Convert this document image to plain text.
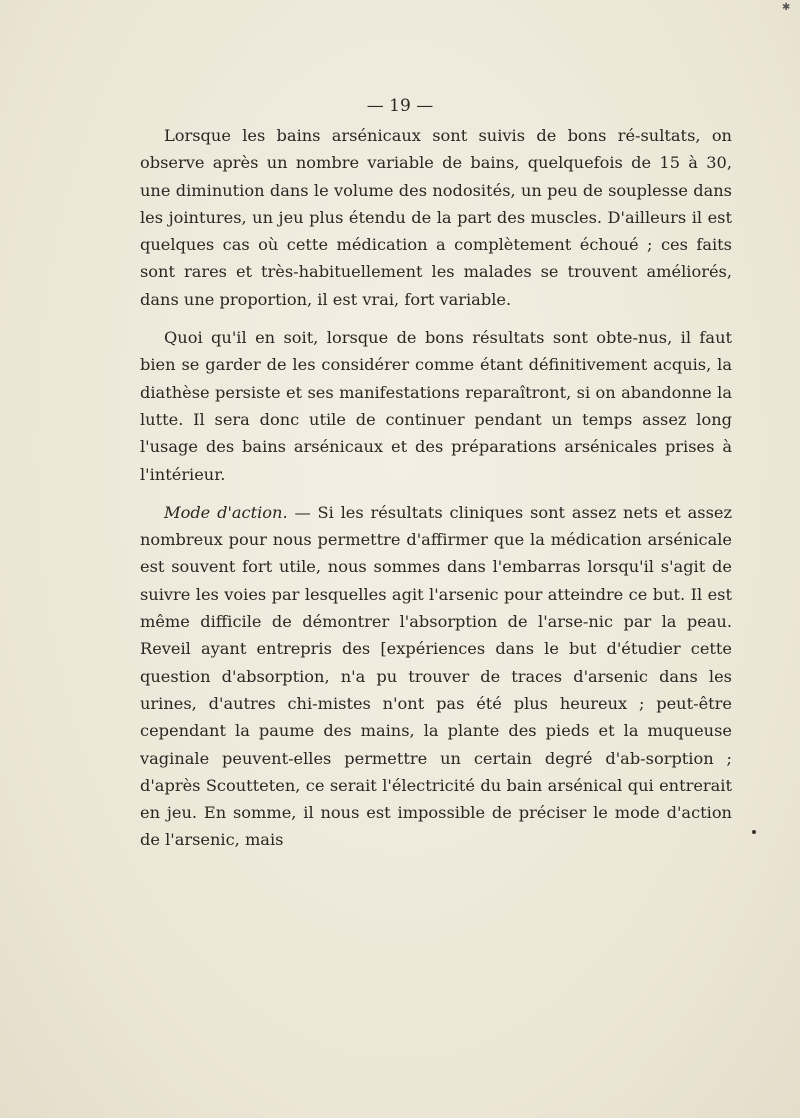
✱
— 19 —

Lorsque les bains arsénicaux sont suivis de bons ré-sultats, on observe après un nombre variable de bains, quelquefois de 15 à 30, une diminution dans le volume des nodosités, un peu de souplesse dans les jointures, un jeu plus étendu de la part des muscles. D'ailleurs il est quelques cas où cette médication a complètement échoué ; ces faits sont rares et très-habituellement les malades se trouvent améliorés, dans une proportion, il est vrai, fort variable.

Quoi qu'il en soit, lorsque de bons résultats sont obte-nus, il faut bien se garder de les considérer comme étant définitivement acquis, la diathèse persiste et ses manifestations reparaîtront, si on abandonne la lutte. Il sera donc utile de continuer pendant un temps assez long l'usage des bains arsénicaux et des préparations arsénicales prises à l'intérieur.

Mode d'action. — Si les résultats cliniques sont assez nets et assez nombreux pour nous permettre d'affirmer que la médication arsénicale est souvent fort utile, nous sommes dans l'embarras lorsqu'il s'agit de suivre les voies par lesquelles agit l'arsenic pour atteindre ce but. Il est même difficile de démontrer l'absorption de l'arse-nic par la peau. Reveil ayant entrepris des [expériences dans le but d'étudier cette question d'absorption, n'a pu trouver de traces d'arsenic dans les urines, d'autres chi-mistes n'ont pas été plus heureux ; peut-être cependant la paume des mains, la plante des pieds et la muqueuse vaginale peuvent-elles permettre un certain degré d'ab-sorption ; d'après Scoutteten, ce serait l'électricité du bain arsénical qui entrerait en jeu. En somme, il nous est impossible de préciser le mode d'action de l'arsenic, mais
